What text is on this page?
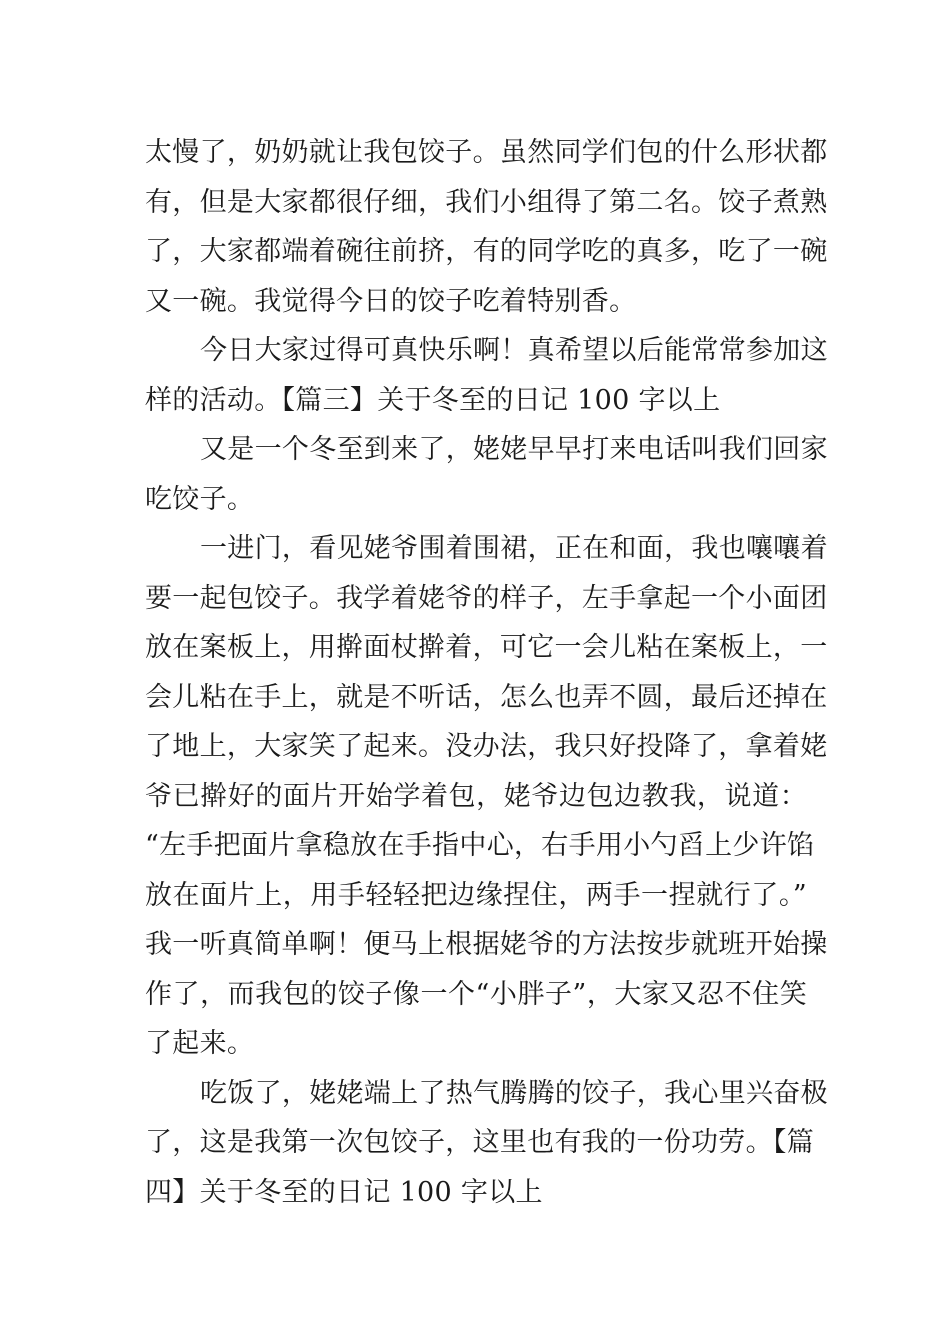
太慢了，奶奶就让我包饺子。虽然同学们包的什么形状都
有，但是大家都很仔细，我们小组得了第二名。饺子煮熟
了，大家都端着碗往前挤，有的同学吃的真多，吃了一碗
又一碗。我觉得今日的饺子吃着特别香。
今日大家过得可真快乐啊！真希望以后能常常参加这
样的活动。【篇三】关于冬至的日记 100 字以上
又是一个冬至到来了，姥姥早早打来电话叫我们回家
吃饺子。
一进门，看见姥爷围着围裙，正在和面，我也嚷嚷着
要一起包饺子。我学着姥爷的样子，左手拿起一个小面团
放在案板上，用擀面杖擀着，可它一会儿粘在案板上，一
会儿粘在手上，就是不听话，怎么也弄不圆，最后还掉在
了地上，大家笑了起来。没办法，我只好投降了，拿着姥
爷已擀好的面片开始学着包，姥爷边包边教我，说道：
“左手把面片拿稳放在手指中心，右手用小勺舀上少许馅
放在面片上，用手轻轻把边缘捏住，两手一捏就行了。”
我一听真简单啊！便马上根据姥爷的方法按步就班开始操
作了，而我包的饺子像一个“小胖子”，大家又忍不住笑
了起来。
吃饭了，姥姥端上了热气腾腾的饺子，我心里兴奋极
了，这是我第一次包饺子，这里也有我的一份功劳。【篇
四】关于冬至的日记 100 字以上
